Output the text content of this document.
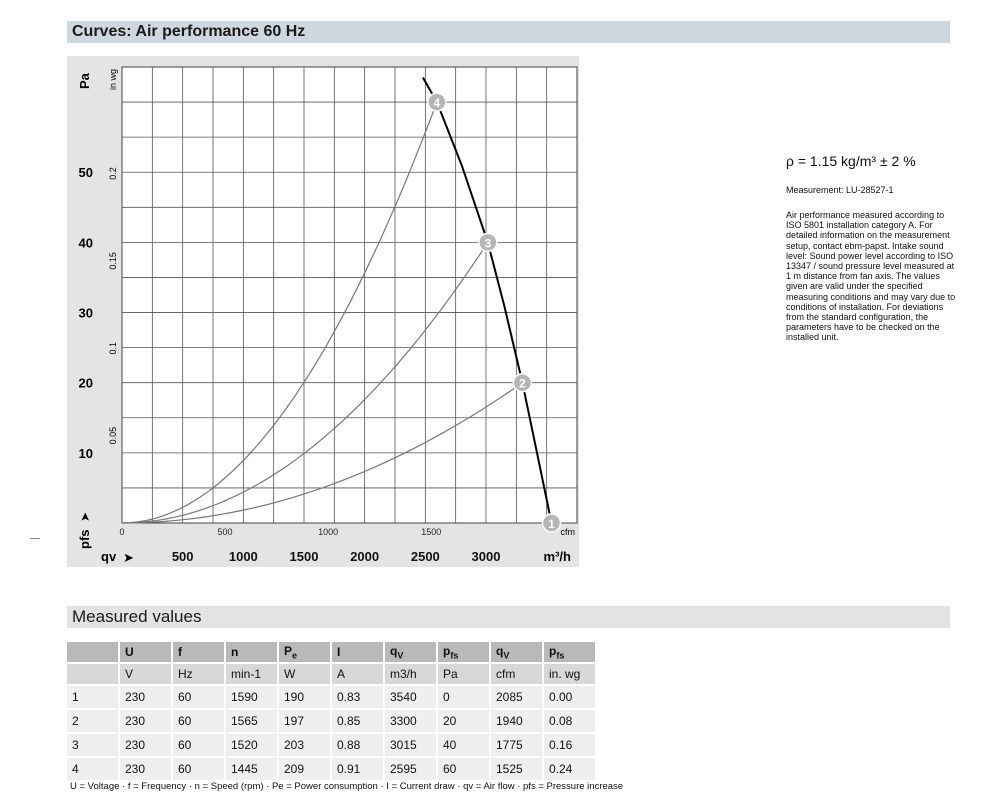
Curves: Air performance 60 Hz
500	1000 1500 2000 2500 3000	m³/h
qv ➤
0	500	1000	1500	cfm
10
20
30
40
50
Pa
pfs
➤
0.05
0.1
0.15
0.2
in wg
1
2
3
4
ρ = 1.15 kg/m³ ± 2 %
Measurement: LU-28527-1
Air performance measured according to ISO 5801 installation category A. For detailed information on the measurement setup, contact ebm-papst. Intake sound level: Sound power level according to ISO 13347 / sound pressure level measured at 1 m distance from fan axis. The values given are valid under the specified measuring conditions and may vary due to conditions of installation. For deviations from the standard configuration, the parameters have to be checked on the installed unit.
Measured values
	U	f	n	$P_e$	I	$q_V$	$p_{fs}$	$q_V$	$p_{fs}$
	V	Hz	min-1	W	A	m3/h	Pa	cfm	in. wg
1	230	60	1590	190	0.83	3540	0	2085	0.00
2	230	60	1565	197	0.85	3300	20	1940	0.08
3	230	60	1520	203	0.88	3015	40	1775	0.16
4	230	60	1445	209	0.91	2595	60	1525	0.24
U = Voltage · f = Frequency · n = Speed (rpm) · Pe = Power consumption · I = Current draw · qv = Air flow · pfs = Pressure increase
